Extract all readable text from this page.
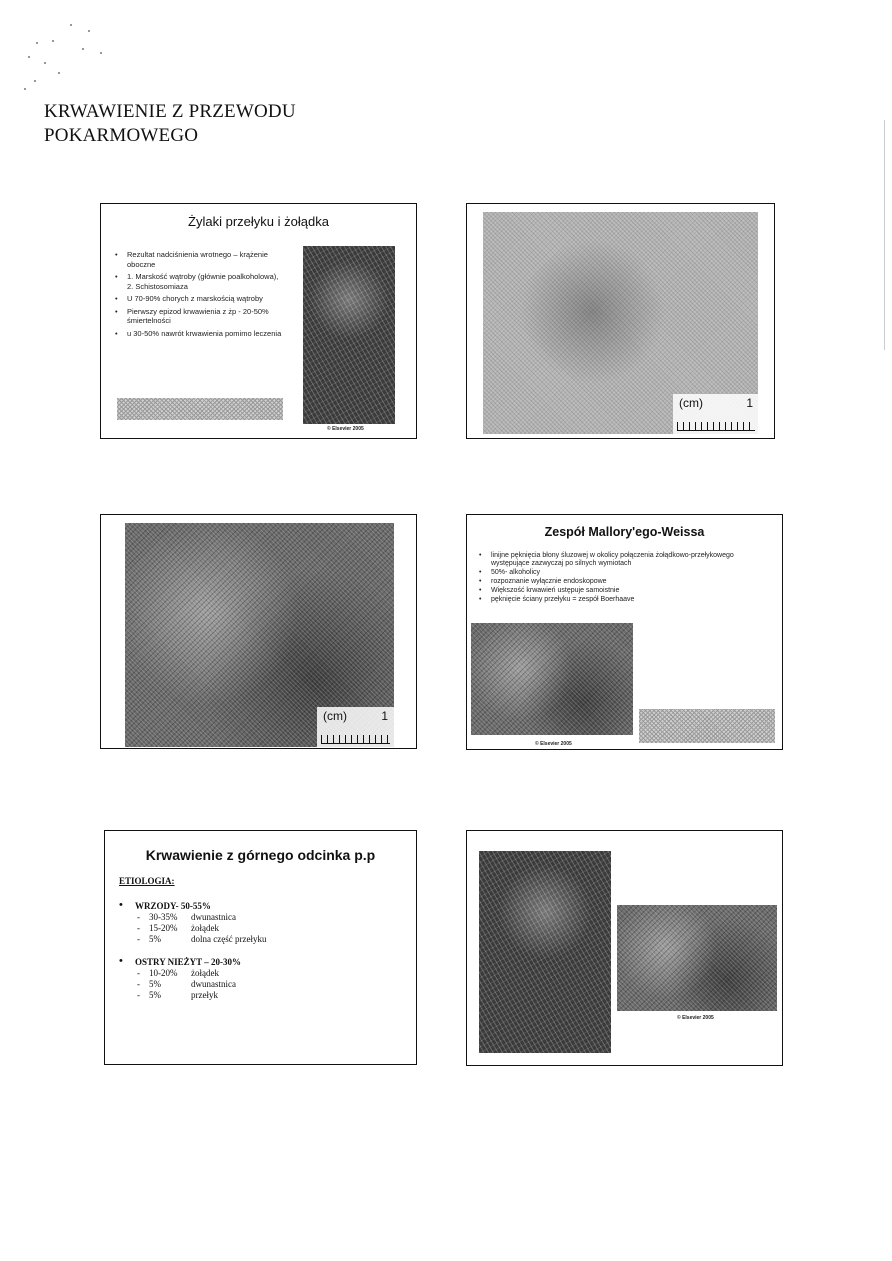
KRWAWIENIE Z PRZEWODU
POKARMOWEGO
Żylaki przełyku i żołądka
• Rezultat nadciśnienia wrotnego – krążenie oboczne
• 1. Marskość wątroby (głównie poalkoholowa),
2. Schistosomiaza
• U 70-90% chorych z marskością wątroby
• Pierwszy epizod krwawienia z żp - 20-50% śmiertelności
• u 30-50% nawrót krwawienia pomimo leczenia
© Elsevier 2005
(cm)	1
(cm)	1
Zespół Mallory'ego-Weissa
• linijne pęknięcia błony śluzowej w okolicy połączenia żołądkowo-przełykowego występujące zazwyczaj po silnych wymiotach
• 50%- alkoholicy
• rozpoznanie wyłącznie endoskopowe
• Większość krwawień ustępuje samoistnie
• pęknięcie ściany przełyku = zespół Boerhaave
© Elsevier 2005
Krwawienie z górnego odcinka p.p
ETIOLOGIA:
• WRZODY- 50-55%
-	30-35%	dwunastnica
-	15-20%	żołądek
-	5%	dolna część przełyku
• OSTRY NIEŻYT – 20-30%
-	10-20%	żołądek
-	5%	dwunastnica
-	5%	przełyk
© Elsevier 2005
